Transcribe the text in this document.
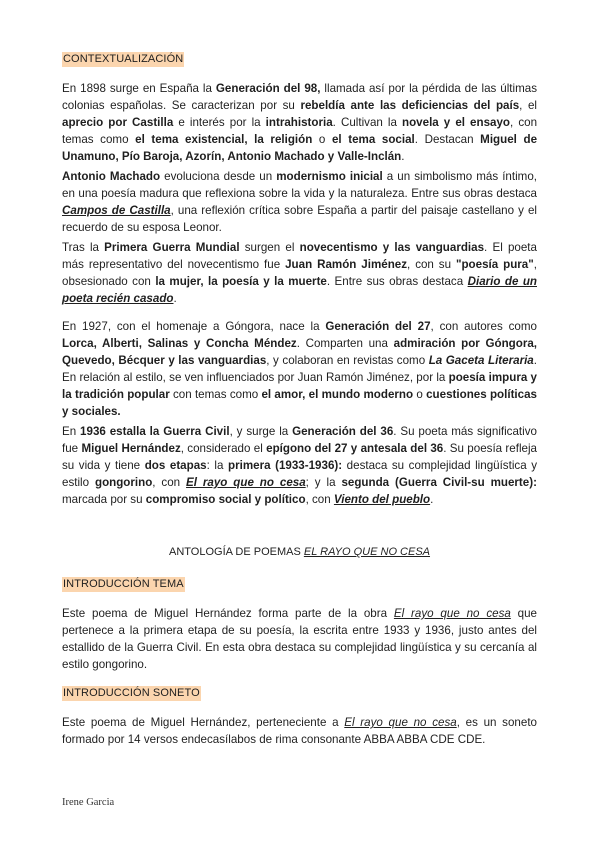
CONTEXTUALIZACIÓN

En 1898 surge en España la Generación del 98, llamada así por la pérdida de las últimas colonias españolas. Se caracterizan por su rebeldía ante las deficiencias del país, el aprecio por Castilla e interés por la intrahistoria. Cultivan la novela y el ensayo, con temas como el tema existencial, la religión o el tema social. Destacan Miguel de Unamuno, Pío Baroja, Azorín, Antonio Machado y Valle-Inclán.

Antonio Machado evoluciona desde un modernismo inicial a un simbolismo más íntimo, en una poesía madura que reflexiona sobre la vida y la naturaleza. Entre sus obras destaca Campos de Castilla, una reflexión crítica sobre España a partir del paisaje castellano y el recuerdo de su esposa Leonor.

Tras la Primera Guerra Mundial surgen el novecentismo y las vanguardias. El poeta más representativo del novecentismo fue Juan Ramón Jiménez, con su "poesía pura", obsesionado con la mujer, la poesía y la muerte. Entre sus obras destaca Diario de un poeta recién casado.

En 1927, con el homenaje a Góngora, nace la Generación del 27, con autores como Lorca, Alberti, Salinas y Concha Méndez. Comparten una admiración por Góngora, Quevedo, Bécquer y las vanguardias, y colaboran en revistas como La Gaceta Literaria. En relación al estilo, se ven influenciados por Juan Ramón Jiménez, por la poesía impura y la tradición popular con temas como el amor, el mundo moderno o cuestiones políticas y sociales.

En 1936 estalla la Guerra Civil, y surge la Generación del 36. Su poeta más significativo fue Miguel Hernández, considerado el epígono del 27 y antesala del 36. Su poesía refleja su vida y tiene dos etapas: la primera (1933-1936): destaca su complejidad lingüística y estilo gongorino, con El rayo que no cesa; y la segunda (Guerra Civil-su muerte): marcada por su compromiso social y político, con Viento del pueblo.

ANTOLOGÍA DE POEMAS EL RAYO QUE NO CESA
INTRODUCCIÓN TEMA

Este poema de Miguel Hernández forma parte de la obra El rayo que no cesa que pertenece a la primera etapa de su poesía, la escrita entre 1933 y 1936, justo antes del estallido de la Guerra Civil. En esta obra destaca su complejidad lingüística y su cercanía al estilo gongorino.

INTRODUCCIÓN SONETO

Este poema de Miguel Hernández, perteneciente a El rayo que no cesa, es un soneto formado por 14 versos endecasílabos de rima consonante ABBA ABBA CDE CDE.

Irene Garcia
